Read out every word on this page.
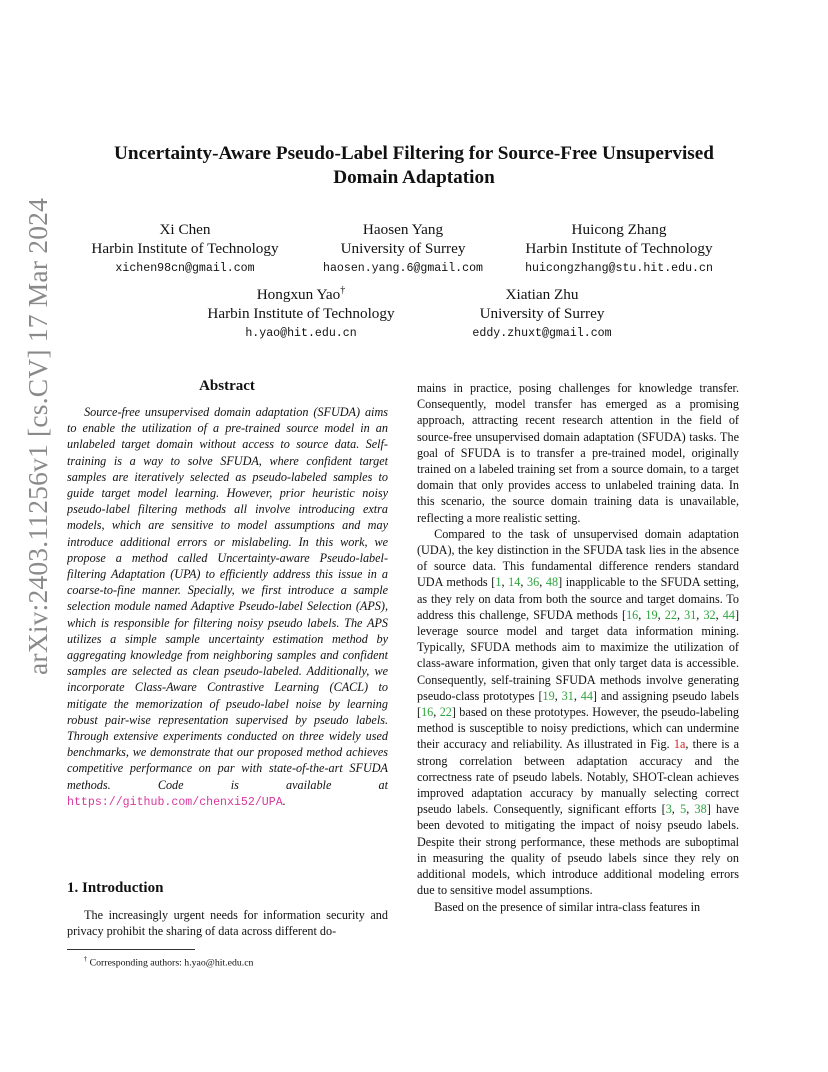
arXiv:2403.11256v1 [cs.CV] 17 Mar 2024
Uncertainty-Aware Pseudo-Label Filtering for Source-Free Unsupervised
Domain Adaptation
Xi Chen
Harbin Institute of Technology
xichen98cn@gmail.com
Haosen Yang
University of Surrey
haosen.yang.6@gmail.com
Huicong Zhang
Harbin Institute of Technology
huicongzhang@stu.hit.edu.cn
Hongxun Yao†
Harbin Institute of Technology
h.yao@hit.edu.cn
Xiatian Zhu
University of Surrey
eddy.zhuxt@gmail.com
Abstract
Source-free unsupervised domain adaptation (SFUDA) aims to enable the utilization of a pre-trained source model in an unlabeled target domain without access to source data. Self-training is a way to solve SFUDA, where confident target samples are iteratively selected as pseudo-labeled samples to guide target model learning. However, prior heuristic noisy pseudo-label filtering methods all involve introducing extra models, which are sensitive to model assumptions and may introduce additional errors or mislabeling. In this work, we propose a method called Uncertainty-aware Pseudo-label-filtering Adaptation (UPA) to efficiently address this issue in a coarse-to-fine manner. Specially, we first introduce a sample selection module named Adaptive Pseudo-label Selection (APS), which is responsible for filtering noisy pseudo labels. The APS utilizes a simple sample uncertainty estimation method by aggregating knowledge from neighboring samples and confident samples are selected as clean pseudo-labeled. Additionally, we incorporate Class-Aware Contrastive Learning (CACL) to mitigate the memorization of pseudo-label noise by learning robust pair-wise representation supervised by pseudo labels. Through extensive experiments conducted on three widely used benchmarks, we demonstrate that our proposed method achieves competitive performance on par with state-of-the-art SFUDA methods. Code is available at https://github.com/chenxi52/UPA.
1. Introduction
The increasingly urgent needs for information security and privacy prohibit the sharing of data across different do-
† Corresponding authors: h.yao@hit.edu.cn

mains in practice, posing challenges for knowledge transfer. Consequently, model transfer has emerged as a promising approach, attracting recent research attention in the field of source-free unsupervised domain adaptation (SFUDA) tasks. The goal of SFUDA is to transfer a pre-trained model, originally trained on a labeled training set from a source domain, to a target domain that only provides access to unlabeled training data. In this scenario, the source domain training data is unavailable, reflecting a more realistic setting.

Compared to the task of unsupervised domain adaptation (UDA), the key distinction in the SFUDA task lies in the absence of source data. This fundamental difference renders standard UDA methods [1, 14, 36, 48] inapplicable to the SFUDA setting, as they rely on data from both the source and target domains. To address this challenge, SFUDA methods [16, 19, 22, 31, 32, 44] leverage source model and target data information mining. Typically, SFUDA methods aim to maximize the utilization of class-aware information, given that only target data is accessible. Consequently, self-training SFUDA methods involve generating pseudo-class prototypes [19, 31, 44] and assigning pseudo labels [16, 22] based on these prototypes. However, the pseudo-labeling method is susceptible to noisy predictions, which can undermine their accuracy and reliability. As illustrated in Fig. 1a, there is a strong correlation between adaptation accuracy and the correctness rate of pseudo labels. Notably, SHOT-clean achieves improved adaptation accuracy by manually selecting correct pseudo labels. Consequently, significant efforts [3, 5, 38] have been devoted to mitigating the impact of noisy pseudo labels. Despite their strong performance, these methods are suboptimal in measuring the quality of pseudo labels since they rely on additional models, which introduce additional modeling errors due to sensitive model assumptions.

Based on the presence of similar intra-class features in
